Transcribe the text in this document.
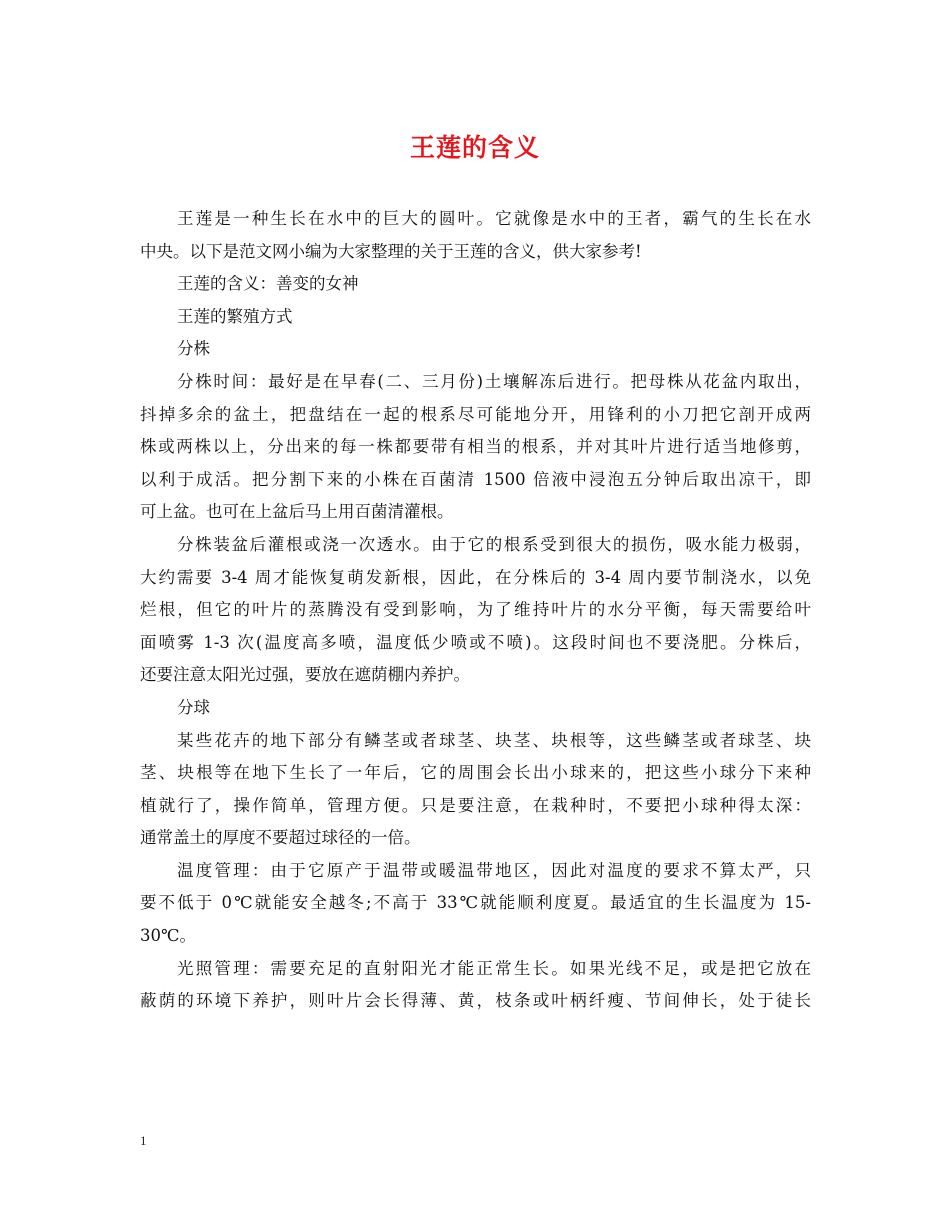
王莲的含义
王莲是一种生长在水中的巨大的圆叶。它就像是水中的王者，霸气的生长在水
中央。以下是范文网小编为大家整理的关于王莲的含义，供大家参考!
王莲的含义：善变的女神
王莲的繁殖方式
分株
分株时间：最好是在早春(二、三月份)土壤解冻后进行。把母株从花盆内取出，
抖掉多余的盆土，把盘结在一起的根系尽可能地分开，用锋利的小刀把它剖开成两
株或两株以上，分出来的每一株都要带有相当的根系，并对其叶片进行适当地修剪，
以利于成活。把分割下来的小株在百菌清 1500 倍液中浸泡五分钟后取出凉干，即
可上盆。也可在上盆后马上用百菌清灌根。
分株装盆后灌根或浇一次透水。由于它的根系受到很大的损伤，吸水能力极弱，
大约需要 3-4 周才能恢复萌发新根，因此，在分株后的 3-4 周内要节制浇水，以免
烂根，但它的叶片的蒸腾没有受到影响，为了维持叶片的水分平衡，每天需要给叶
面喷雾 1-3 次(温度高多喷，温度低少喷或不喷)。这段时间也不要浇肥。分株后，
还要注意太阳光过强，要放在遮荫棚内养护。
分球
某些花卉的地下部分有鳞茎或者球茎、块茎、块根等，这些鳞茎或者球茎、块
茎、块根等在地下生长了一年后，它的周围会长出小球来的，把这些小球分下来种
植就行了，操作简单，管理方便。只是要注意，在栽种时，不要把小球种得太深：
通常盖土的厚度不要超过球径的一倍。
温度管理：由于它原产于温带或暖温带地区，因此对温度的要求不算太严，只
要不低于 0℃就能安全越冬;不高于 33℃就能顺利度夏。最适宜的生长温度为 15-
30℃。
光照管理：需要充足的直射阳光才能正常生长。如果光线不足，或是把它放在
蔽荫的环境下养护，则叶片会长得薄、黄，枝条或叶柄纤瘦、节间伸长，处于徒长
1
